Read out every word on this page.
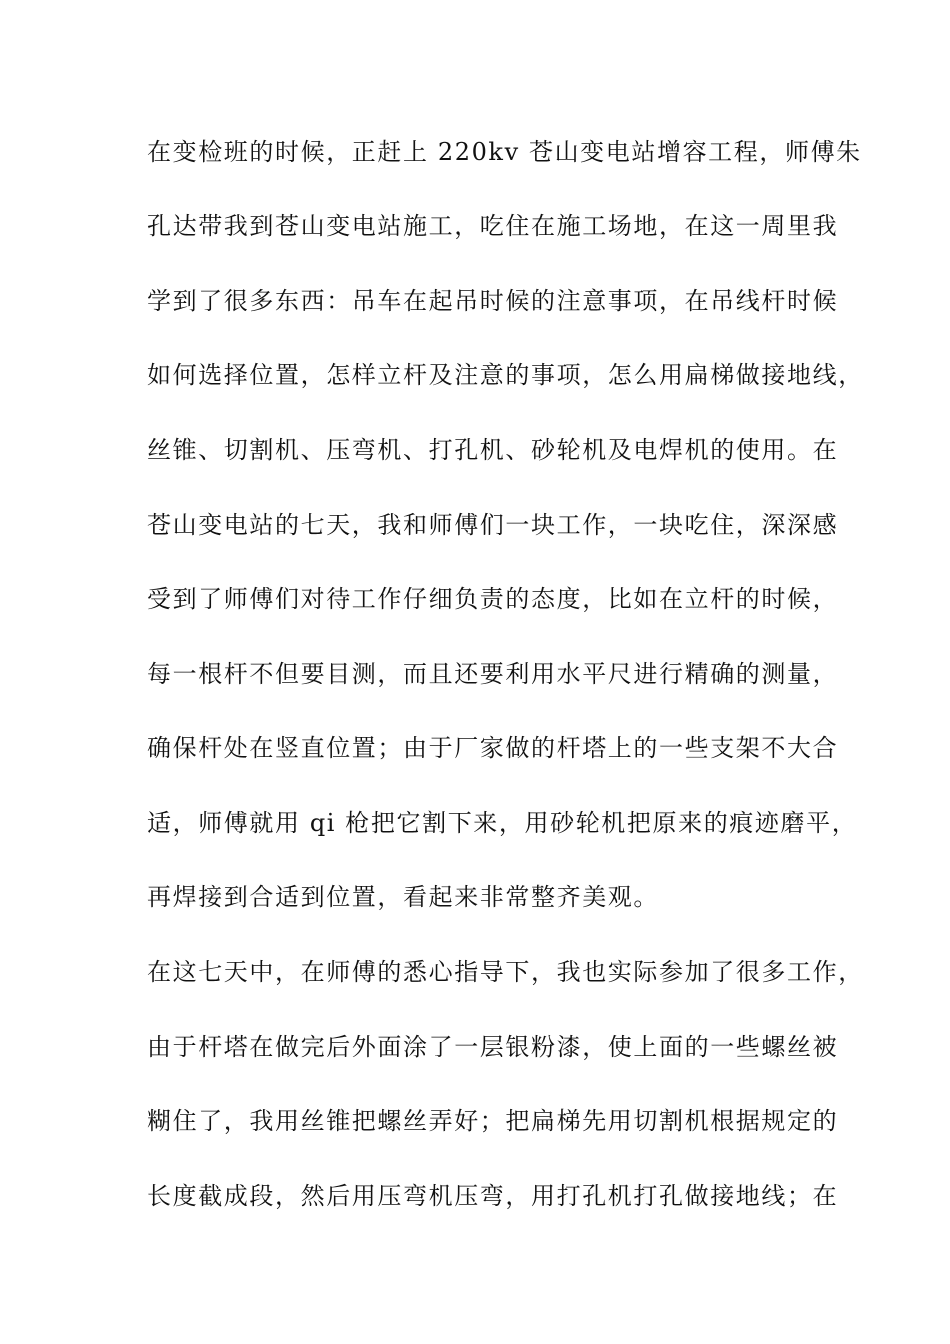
在变检班的时候，正赶上 220kv 苍山变电站增容工程，师傅朱
孔达带我到苍山变电站施工，吃住在施工场地，在这一周里我
学到了很多东西：吊车在起吊时候的注意事项，在吊线杆时候
如何选择位置，怎样立杆及注意的事项，怎么用扁梯做接地线，
丝锥、切割机、压弯机、打孔机、砂轮机及电焊机的使用。在
苍山变电站的七天，我和师傅们一块工作，一块吃住，深深感
受到了师傅们对待工作仔细负责的态度，比如在立杆的时候，
每一根杆不但要目测，而且还要利用水平尺进行精确的测量，
确保杆处在竖直位置；由于厂家做的杆塔上的一些支架不大合
适，师傅就用 qi 枪把它割下来，用砂轮机把原来的痕迹磨平，
再焊接到合适到位置，看起来非常整齐美观。
在这七天中，在师傅的悉心指导下，我也实际参加了很多工作，
由于杆塔在做完后外面涂了一层银粉漆，使上面的一些螺丝被
糊住了，我用丝锥把螺丝弄好；把扁梯先用切割机根据规定的
长度截成段，然后用压弯机压弯，用打孔机打孔做接地线；在
